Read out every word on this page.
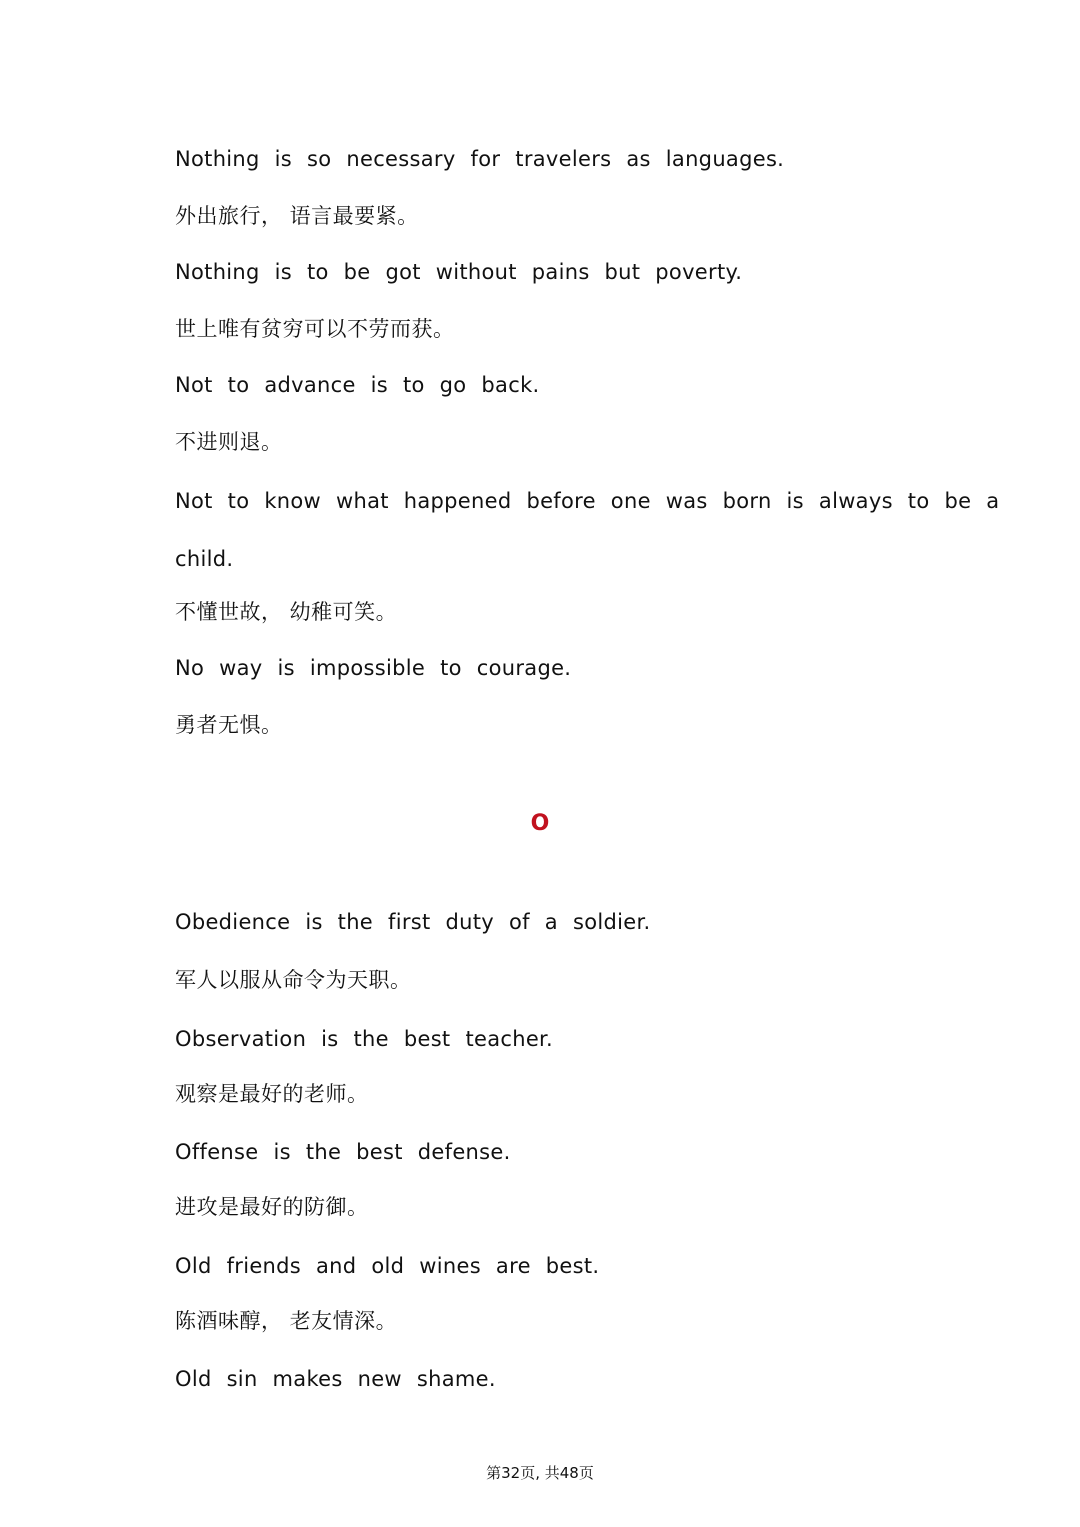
Nothing is so necessary for travelers as languages.

外出旅行， 语言最要紧。

Nothing is to be got without pains but poverty.

世上唯有贫穷可以不劳而获。

Not to advance is to go back.

不进则退。

Not to know what happened before one was born is always to be a

child.

不懂世故， 幼稚可笑。

No way is impossible to courage.

勇者无惧。

O

Obedience is the first duty of a soldier.

军人以服从命令为天职。

Observation is the best teacher.

观察是最好的老师。

Offense is the best defense.

进攻是最好的防御。

Old friends and old wines are best.

陈酒味醇， 老友情深。

Old sin makes new shame.

第32页, 共48页
